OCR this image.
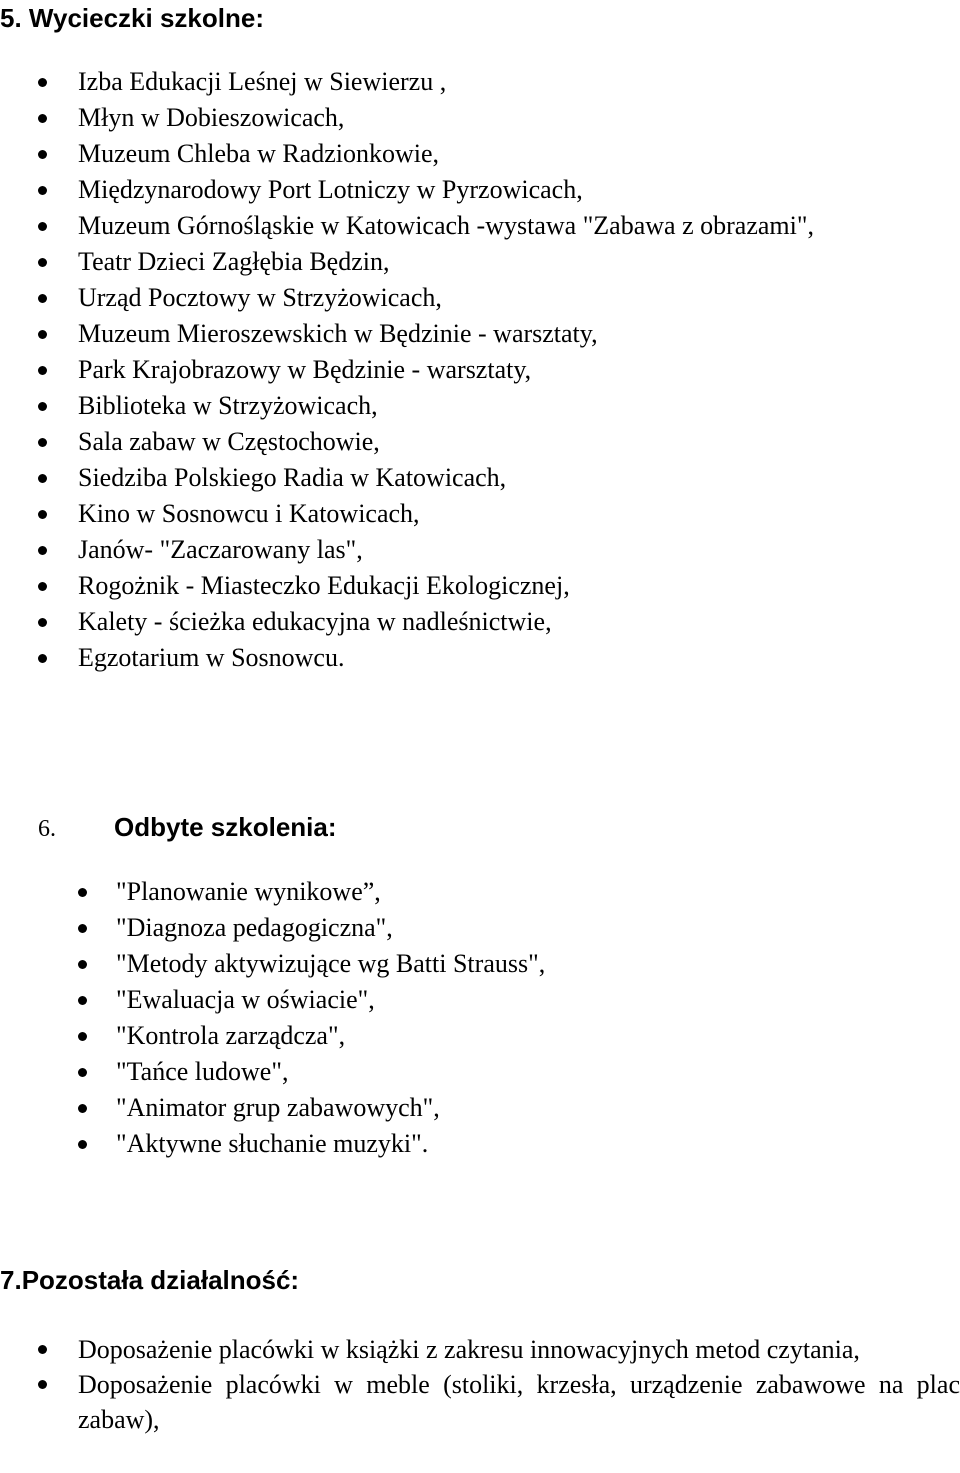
5. Wycieczki szkolne:
Izba Edukacji Leśnej w Siewierzu ,
Młyn w Dobieszowicach,
Muzeum Chleba w Radzionkowie,
Międzynarodowy Port Lotniczy w Pyrzowicach,
Muzeum Górnośląskie w Katowicach -wystawa "Zabawa z obrazami",
Teatr Dzieci Zagłębia Będzin,
Urząd Pocztowy w Strzyżowicach,
Muzeum Mieroszewskich w Będzinie - warsztaty,
Park Krajobrazowy w Będzinie - warsztaty,
Biblioteka w Strzyżowicach,
Sala zabaw w Częstochowie,
Siedziba Polskiego Radia w Katowicach,
Kino w Sosnowcu i Katowicach,
Janów- "Zaczarowany las",
Rogożnik - Miasteczko Edukacji Ekologicznej,
Kalety - ścieżka edukacyjna w nadleśnictwie,
Egzotarium w Sosnowcu.
6. Odbyte szkolenia:
"Planowanie wynikowe”,
"Diagnoza pedagogiczna",
"Metody aktywizujące wg Batti Strauss",
"Ewaluacja w oświacie",
"Kontrola zarządcza",
"Tańce ludowe",
"Animator grup zabawowych",
"Aktywne słuchanie muzyki".
7.Pozostała działalność:
Doposażenie placówki w książki z zakresu innowacyjnych metod czytania,
Doposażenie placówki w meble (stoliki, krzesła, urządzenie zabawowe na plac zabaw),
